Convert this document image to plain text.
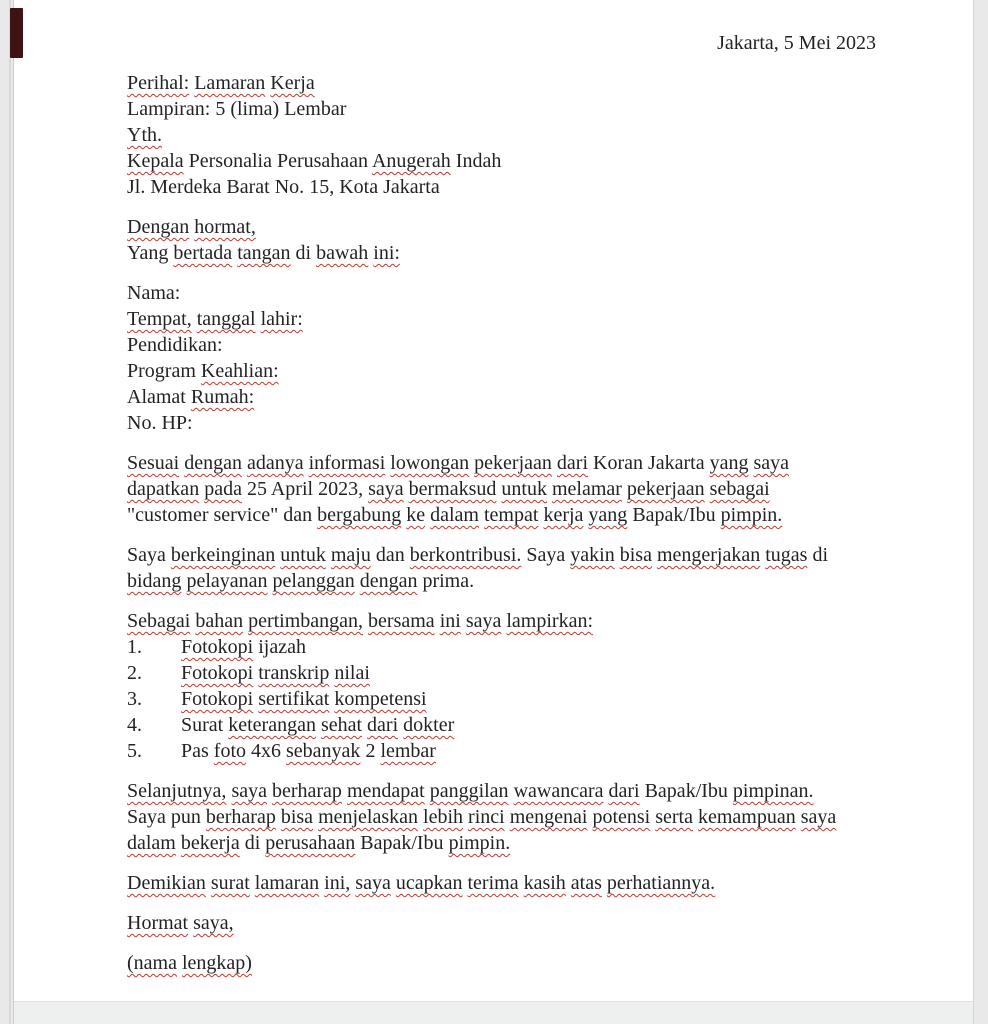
Jakarta, 5 Mei 2023
Perihal: Lamaran Kerja
Lampiran: 5 (lima) Lembar
Yth.
Kepala Personalia Perusahaan Anugerah Indah
Jl. Merdeka Barat No. 15, Kota Jakarta
Dengan hormat,
Yang bertada tangan di bawah ini:
Nama:
Tempat, tanggal lahir:
Pendidikan:
Program Keahlian:
Alamat Rumah:
No. HP:
Sesuai dengan adanya informasi lowongan pekerjaan dari Koran Jakarta yang saya
dapatkan pada 25 April 2023, saya bermaksud untuk melamar pekerjaan sebagai
"customer service" dan bergabung ke dalam tempat kerja yang Bapak/Ibu pimpin.
Saya berkeinginan untuk maju dan berkontribusi. Saya yakin bisa mengerjakan tugas di
bidang pelayanan pelanggan dengan prima.
Sebagai bahan pertimbangan, bersama ini saya lampirkan:
1. Fotokopi ijazah
2. Fotokopi transkrip nilai
3. Fotokopi sertifikat kompetensi
4. Surat keterangan sehat dari dokter
5. Pas foto 4x6 sebanyak 2 lembar
Selanjutnya, saya berharap mendapat panggilan wawancara dari Bapak/Ibu pimpinan.
Saya pun berharap bisa menjelaskan lebih rinci mengenai potensi serta kemampuan saya
dalam bekerja di perusahaan Bapak/Ibu pimpin.
Demikian surat lamaran ini, saya ucapkan terima kasih atas perhatiannya.
Hormat saya,
(nama lengkap)
